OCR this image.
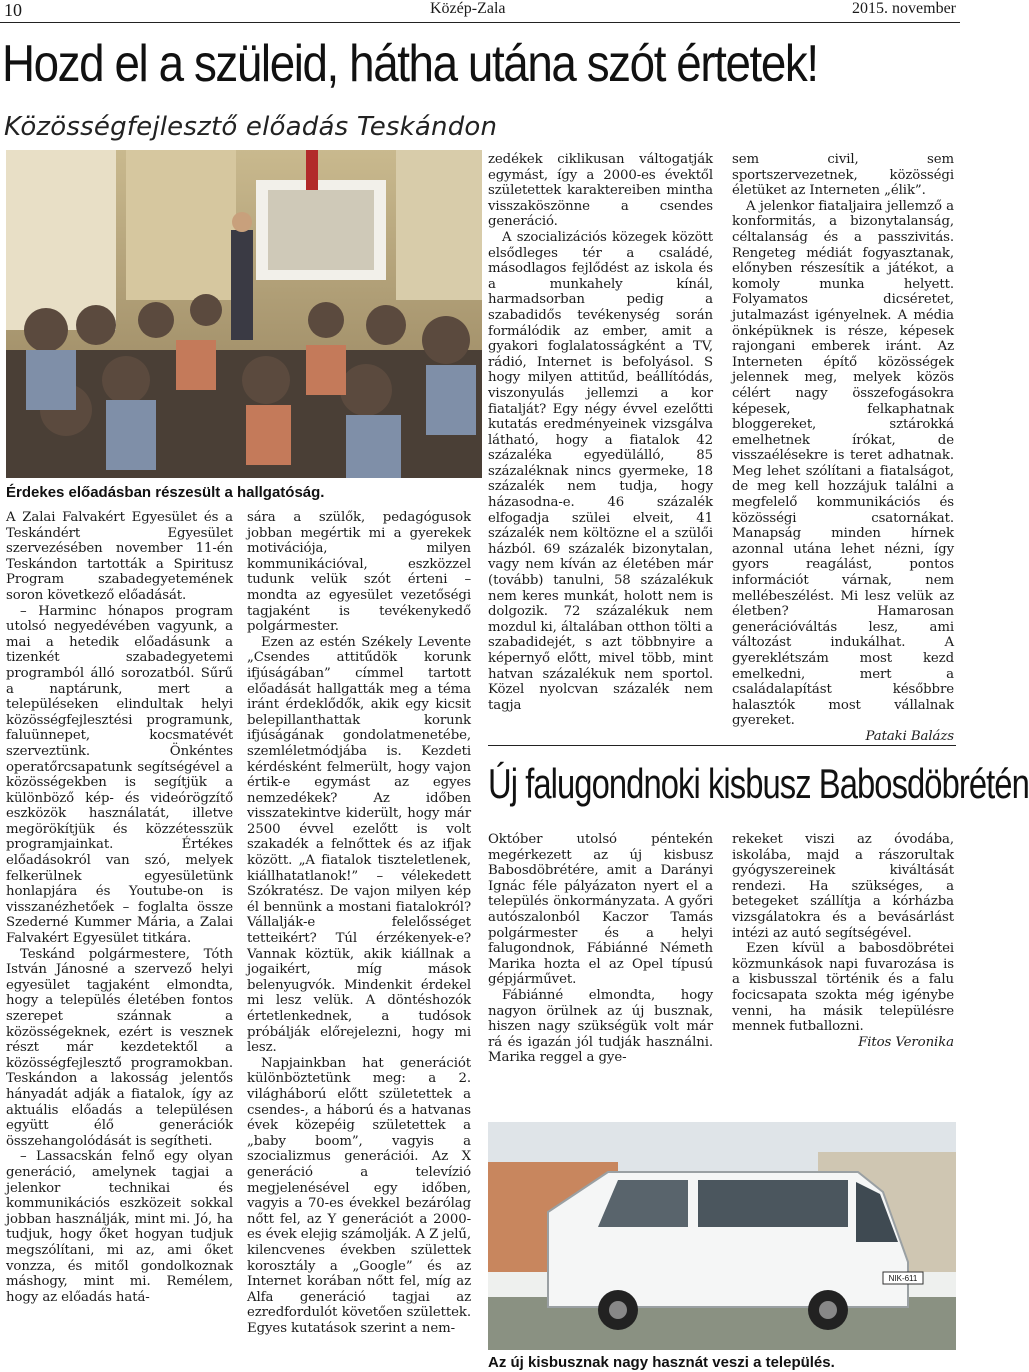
10	Közép-Zala	2015. november
Hozd el a szüleid, hátha utána szót értetek!
Közösségfejlesztő előadás Teskándon
Érdekes előadásban részesült a hallgatóság.

A Zalai Falvakért Egyesület és a Teskándért Egyesület szervezésében november 11-én Teskándon tartották a Spiritusz Program szabadegyetemének soron következő előadását.

– Harminc hónapos program utolsó negyedévében vagyunk, a mai a hetedik előadásunk a tizenkét szabadegyetemi programból álló sorozatból. Sűrű a naptárunk, mert a településeken elindultak helyi közösségfejlesztési programunk, faluünnepet, kocsmatévét szerveztünk. Önkéntes operatőrcsapatunk segítségével a közösségekben is segítjük a különböző kép- és videórögzítő eszközök használatát, illetve megörökítjük és közzétesszük programjainkat. Értékes előadásokról van szó, melyek felkerülnek egyesületünk honlapjára és Youtube-on is visszanézhetőek – foglalta össze Szederné Kummer Mária, a Zalai Falvakért Egyesület titkára.

Teskánd polgármestere, Tóth István Jánosné a szervező helyi egyesület tagjaként elmondta, hogy a település életében fontos szerepet szánnak a közösségeknek, ezért is vesznek részt már kezdetektől a közösségfejlesztő programokban. Teskándon a lakosság jelentős hányadát adják a fiatalok, így az aktuális előadás a településen együtt élő generációk összehangolódását is segítheti.

– Lassacskán felnő egy olyan generáció, amelynek tagjai a jelenkor technikai és kommunikációs eszközeit sokkal jobban használják, mint mi. Jó, ha tudjuk, hogy őket hogyan tudjuk megszólítani, mi az, ami őket vonzza, és mitől gondolkoznak máshogy, mint mi. Remélem, hogy az előadás hatá-

sára a szülők, pedagógusok jobban megértik mi a gyerekek motivációja, milyen kommunikációval, eszközzel tudunk velük szót érteni – mondta az egyesület vezetőségi tagjaként is tevékenykedő polgármester.

Ezen az estén Székely Levente „Csendes attitűdök korunk ifjúságában” címmel tartott előadását hallgatták meg a téma iránt érdeklődők, akik egy kicsit belepillanthattak korunk ifjúságának gondolatmenetébe, szemléletmódjába is. Kezdeti kérdésként felmerült, hogy vajon értik-e egymást az egyes nemzedékek? Az időben visszatekintve kiderült, hogy már 2500 évvel ezelőtt is volt szakadék a felnőttek és az ifjak között. „A fiatalok tiszteletlenek, kiállhatatlanok!” – vélekedett Szókratész. De vajon milyen kép él bennünk a mostani fiatalokról? Vállalják-e felelősséget tetteikért? Túl érzékenyek-e? Vannak köztük, akik kiállnak a jogaikért, míg mások belenyugvók. Mindenkit érdekel mi lesz velük. A döntéshozók értetlenkednek, a tudósok próbálják előrejelezni, hogy mi lesz.

Napjainkban hat generációt különböztetünk meg: a 2. világháború előtt születettek a csendes-, a háború és a hatvanas évek közepéig születettek a „baby boom”, vagyis a szocializmus generációi. Az X generáció a televízió megjelenésével egy időben, vagyis a 70-es évekkel bezárólag nőtt fel, az Y generációt a 2000-es évek elejig számolják. A Z jelű, kilencvenes években születtek korosztály a „Google” és az Internet korában nőtt fel, míg az Alfa generáció tagjai az ezredfordulót követően születtek. Egyes kutatások szerint a nem-

zedékek ciklikusan váltogatják egymást, így a 2000-es évektől születettek karaktereiben mintha visszaköszönne a csendes generáció.

A szocializációs közegek között elsődleges tér a családé, másodlagos fejlődést az iskola és a munkahely kínál, harmadsorban pedig a szabadidős tevékenység során formálódik az ember, amit a gyakori foglalatosságként a TV, rádió, Internet is befolyásol. S hogy milyen attitűd, beállítódás, viszonyulás jellemzi a kor fiatalját? Egy négy évvel ezelőtti kutatás eredményeinek vizsgálva látható, hogy a fiatalok 42 százaléka egyedülálló, 85 százaléknak nincs gyermeke, 18 százalék nem tudja, hogy házasodna-e. 46 százalék elfogadja szülei elveit, 41 százalék nem költözne el a szülői házból. 69 százalék bizonytalan, vagy nem kíván az életében már (tovább) tanulni, 58 százalékuk nem keres munkát, holott nem is dolgozik. 72 százalékuk nem mozdul ki, általában otthon tölti a szabadidejét, s azt többnyire a képernyő előtt, mivel több, mint hatvan százalékuk nem sportol. Közel nyolcvan százalék nem tagja

sem civil, sem sportszervezetnek, közösségi életüket az Interneten „élik”.

A jelenkor fiataljaira jellemző a konformitás, a bizonytalanság, céltalanság és a passzivitás. Rengeteg médiát fogyasztanak, előnyben részesítik a játékot, a komoly munka helyett. Folyamatos dicséretet, jutalmazást igényelnek. A média önképüknek is része, képesek rajongani emberek iránt. Az Interneten építő közösségek jelennek meg, melyek közös célért nagy összefogásokra képesek, felkaphatnak bloggereket, sztárokká emelhetnek írókat, de visszaélésekre is teret adhatnak. Meg lehet szólítani a fiatalságot, de meg kell hozzájuk találni a megfelelő kommunikációs és közösségi csatornákat. Manapság minden hírnek azonnal utána lehet nézni, így gyors reagálást, pontos információt várnak, nem mellébeszélést. Mi lesz velük az életben? Hamarosan generációváltás lesz, ami változást indukálhat. A gyereklétszám most kezd emelkedni, mert a családalapítást későbbre halasztók most vállalnak gyereket.

Pataki Balázs
Új falugondnoki kisbusz Babosdöbrétén

Október utolsó péntekén megérkezett az új kisbusz Babosdöbrétére, amit a Darányi Ignác féle pályázaton nyert el a település önkormányzata. A győri autószalonból Kaczor Tamás polgármester és a helyi falugondnok, Fábiánné Németh Marika hozta el az Opel típusú gépjárművet.

Fábiánné elmondta, hogy nagyon örülnek az új busznak, hiszen nagy szükségük volt már rá és igazán jól tudják használni. Marika reggel a gye-

rekeket viszi az óvodába, iskolába, majd a rászorultak gyógyszereinek kiváltását rendezi. Ha szükséges, a betegeket szállítja a kórházba vizsgálatokra és a bevásárlást intézi az autó segítségével.

Ezen kívül a babosdöbrétei közmunkások napi fuvarozása is a kisbusszal történik és a falu focicsapata szokta még igénybe venni, ha másik településre mennek futballozni.

Fitos Veronika
NIK-611
Az új kisbusznak nagy hasznát veszi a település.
